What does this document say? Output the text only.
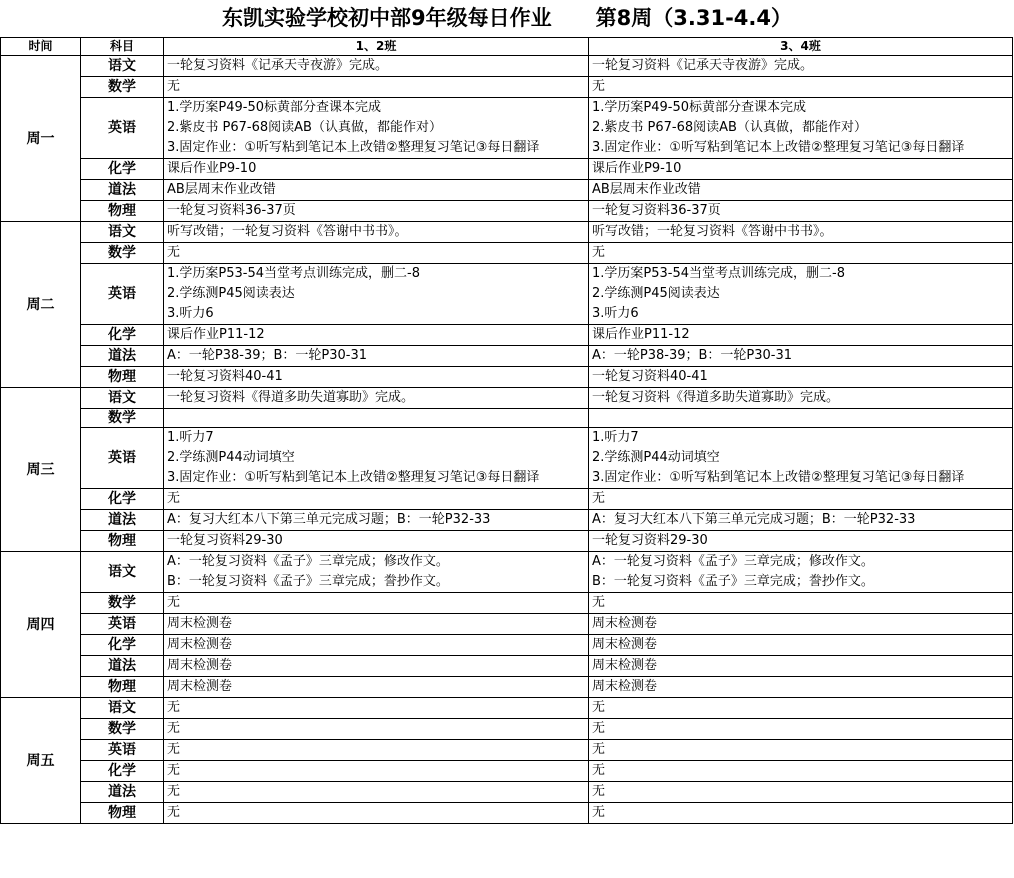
东凯实验学校初中部9年级每日作业 第8周（3.31-4.4）
时间	科目	1、2班	3、4班
周一	语文	一轮复习资料《记承天寺夜游》完成。	一轮复习资料《记承天寺夜游》完成。

	数学	无	无

	英语	1.学历案P49-50标黄部分查课本完成
2.紫皮书 P67-68阅读AB（认真做，都能作对）
3.固定作业：①听写粘到笔记本上改错②整理复习笔记③每日翻译	1.学历案P49-50标黄部分查课本完成
2.紫皮书 P67-68阅读AB（认真做，都能作对）
3.固定作业：①听写粘到笔记本上改错②整理复习笔记③每日翻译

	化学	课后作业P9-10	课后作业P9-10

	道法	AB层周末作业改错	AB层周末作业改错

	物理	一轮复习资料36-37页	一轮复习资料36-37页

周二	语文	听写改错；一轮复习资料《答谢中书书》。	听写改错；一轮复习资料《答谢中书书》。

	数学	无	无

	英语	1.学历案P53-54当堂考点训练完成，删二-8
2.学练测P45阅读表达
3.听力6	1.学历案P53-54当堂考点训练完成，删二-8
2.学练测P45阅读表达
3.听力6

	化学	课后作业P11-12	课后作业P11-12

	道法	A：一轮P38-39；B：一轮P30-31	A：一轮P38-39；B：一轮P30-31

	物理	一轮复习资料40-41	一轮复习资料40-41

周三	语文	一轮复习资料《得道多助失道寡助》完成。	一轮复习资料《得道多助失道寡助》完成。

	数学	

	英语	1.听力7
2.学练测P44动词填空
3.固定作业：①听写粘到笔记本上改错②整理复习笔记③每日翻译	1.听力7
2.学练测P44动词填空
3.固定作业：①听写粘到笔记本上改错②整理复习笔记③每日翻译

	化学	无	无

	道法	A：复习大红本八下第三单元完成习题；B：一轮P32-33	A：复习大红本八下第三单元完成习题；B：一轮P32-33

	物理	一轮复习资料29-30	一轮复习资料29-30

周四	语文	A：一轮复习资料《孟子》三章完成；修改作文。
B：一轮复习资料《孟子》三章完成；誊抄作文。	A：一轮复习资料《孟子》三章完成；修改作文。
B：一轮复习资料《孟子》三章完成；誊抄作文。

	数学	无	无

	英语	周末检测卷	周末检测卷

	化学	周末检测卷	周末检测卷

	道法	周末检测卷	周末检测卷

	物理	周末检测卷	周末检测卷

周五	语文	无	无

	数学	无	无

	英语	无	无

	化学	无	无

	道法	无	无

	物理	无	无
